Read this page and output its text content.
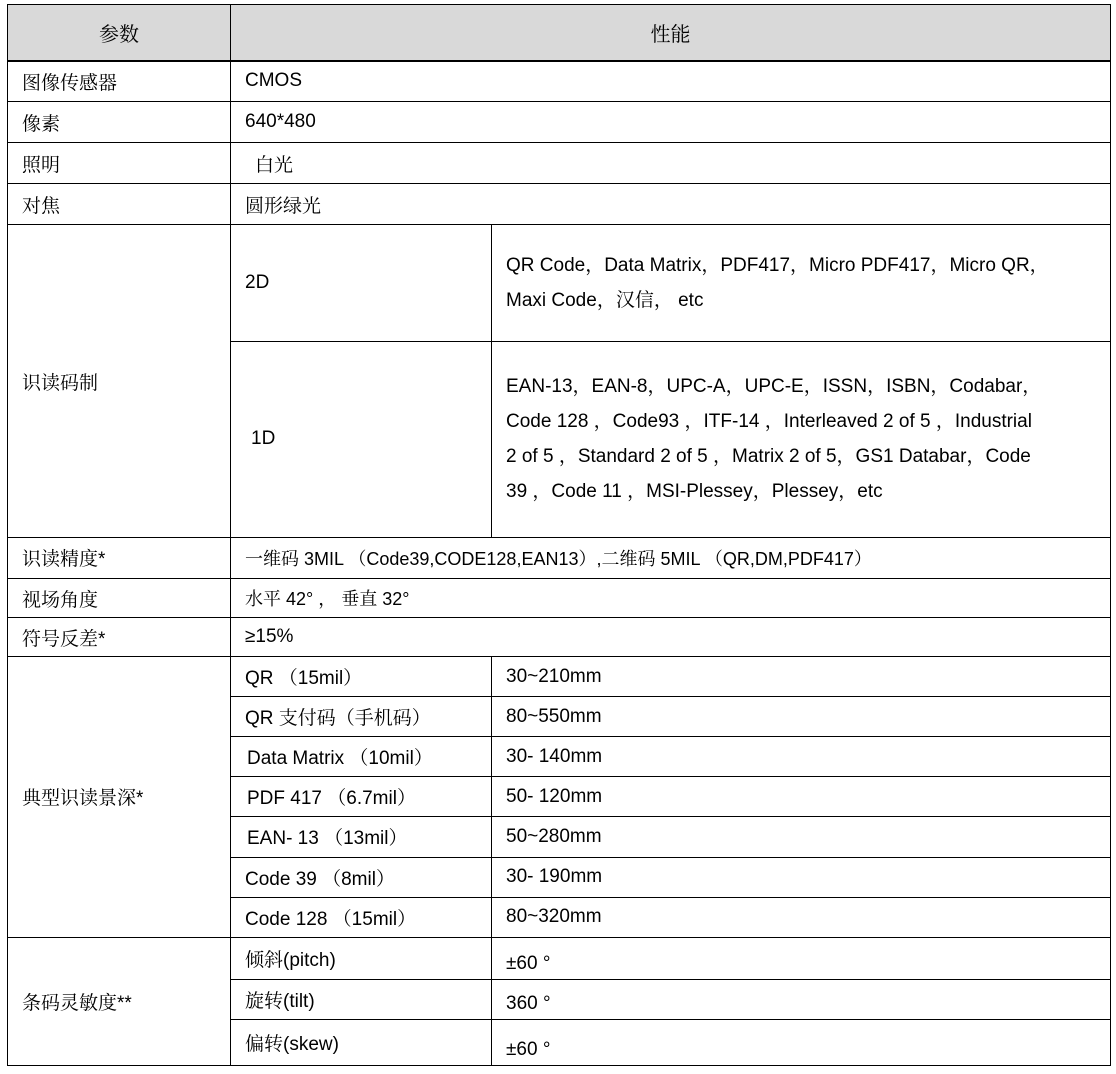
参数	性能	
图像传感器	CMOS	
像素	640*480	
照明	白光	
对焦	圆形绿光	
识读码制	2D	QR Code，Data Matrix，PDF417，Micro PDF417，Micro QR，
Maxi Code，汉信， etc

	1D	EAN-13，EAN-8，UPC-A，UPC-E，ISSN，ISBN，Codabar，
Code 128 ，Code93 ，ITF-14 ，Interleaved 2 of 5 ，Industrial
2 of 5 ，Standard 2 of 5 ，Matrix 2 of 5，GS1 Databar，Code
39 ，Code 11 ，MSI-Plessey，Plessey，etc

识读精度*	一维码 3MIL （Code39,CODE128,EAN13）,二维码 5MIL （QR,DM,PDF417）	
视场角度	水平 42° ， 垂直 32°	
符号反差*	≥15%	
典型识读景深*	QR （15mil）	30~210mm
	QR 支付码（手机码）	80~550mm
	Data Matrix （10mil）	30- 140mm
	PDF 417 （6.7mil）	50- 120mm
	EAN- 13 （13mil）	50~280mm
	Code 39 （8mil）	30- 190mm
	Code 128 （15mil）	80~320mm
条码灵敏度**	倾斜(pitch)	±60 °
	旋转(tilt)	360 °
	偏转(skew)	±60 °
